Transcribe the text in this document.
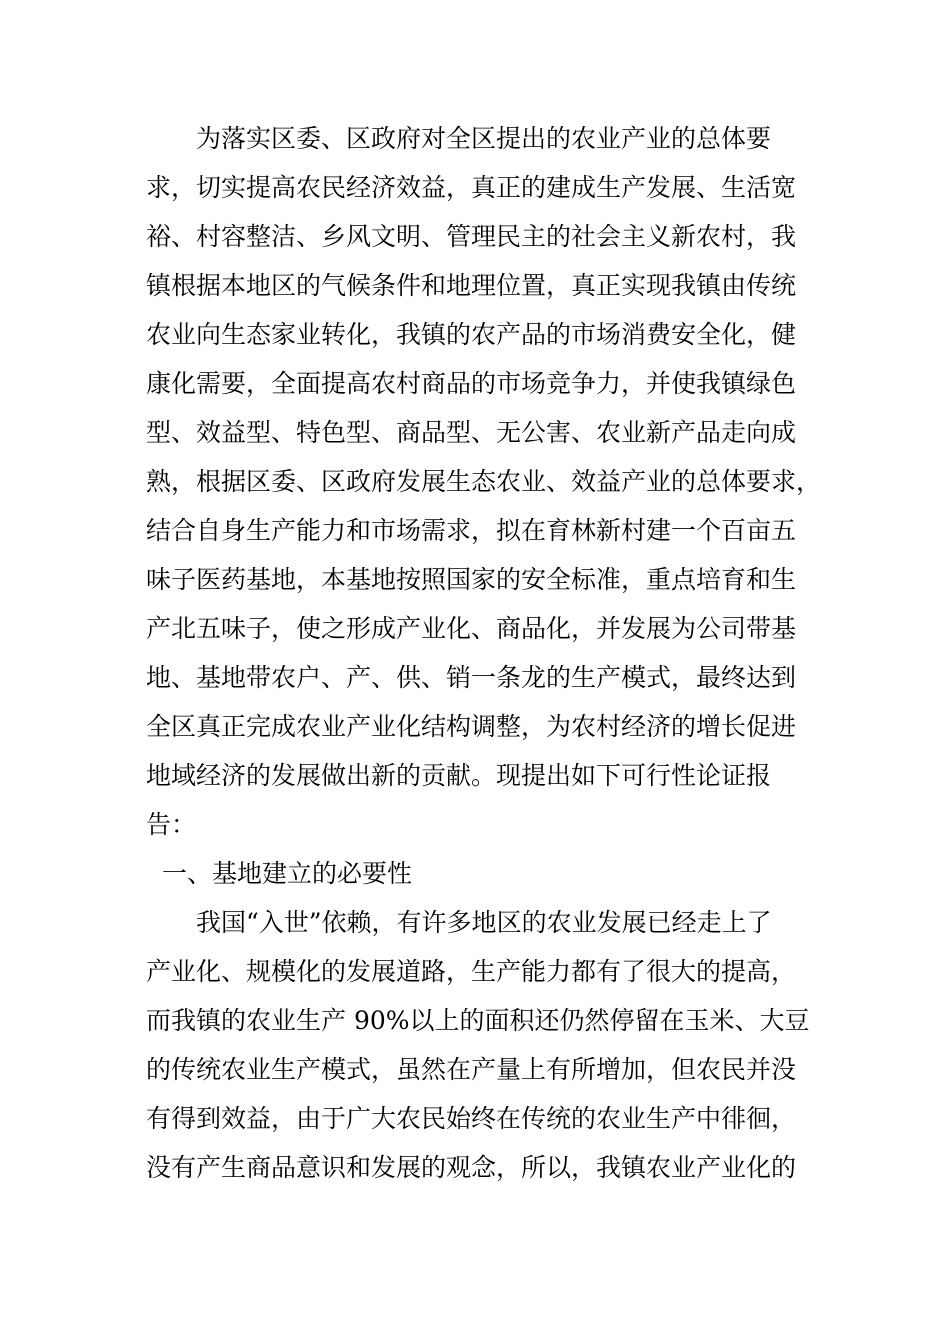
为落实区委、区政府对全区提出的农业产业的总体要
求，切实提高农民经济效益，真正的建成生产发展、生活宽
裕、村容整洁、乡风文明、管理民主的社会主义新农村，我
镇根据本地区的气候条件和地理位置，真正实现我镇由传统
农业向生态家业转化，我镇的农产品的市场消费安全化，健
康化需要，全面提高农村商品的市场竞争力，并使我镇绿色
型、效益型、特色型、商品型、无公害、农业新产品走向成
熟，根据区委、区政府发展生态农业、效益产业的总体要求，
结合自身生产能力和市场需求，拟在育林新村建一个百亩五
味子医药基地，本基地按照国家的安全标准，重点培育和生
产北五味子，使之形成产业化、商品化，并发展为公司带基
地、基地带农户、产、供、销一条龙的生产模式，最终达到
全区真正完成农业产业化结构调整，为农村经济的增长促进
地域经济的发展做出新的贡献。现提出如下可行性论证报
告：
一、基地建立的必要性
我国“入世”依赖，有许多地区的农业发展已经走上了
产业化、规模化的发展道路，生产能力都有了很大的提高，
而我镇的农业生产 90%以上的面积还仍然停留在玉米、大豆
的传统农业生产模式，虽然在产量上有所增加，但农民并没
有得到效益，由于广大农民始终在传统的农业生产中徘徊，
没有产生商品意识和发展的观念，所以，我镇农业产业化的
